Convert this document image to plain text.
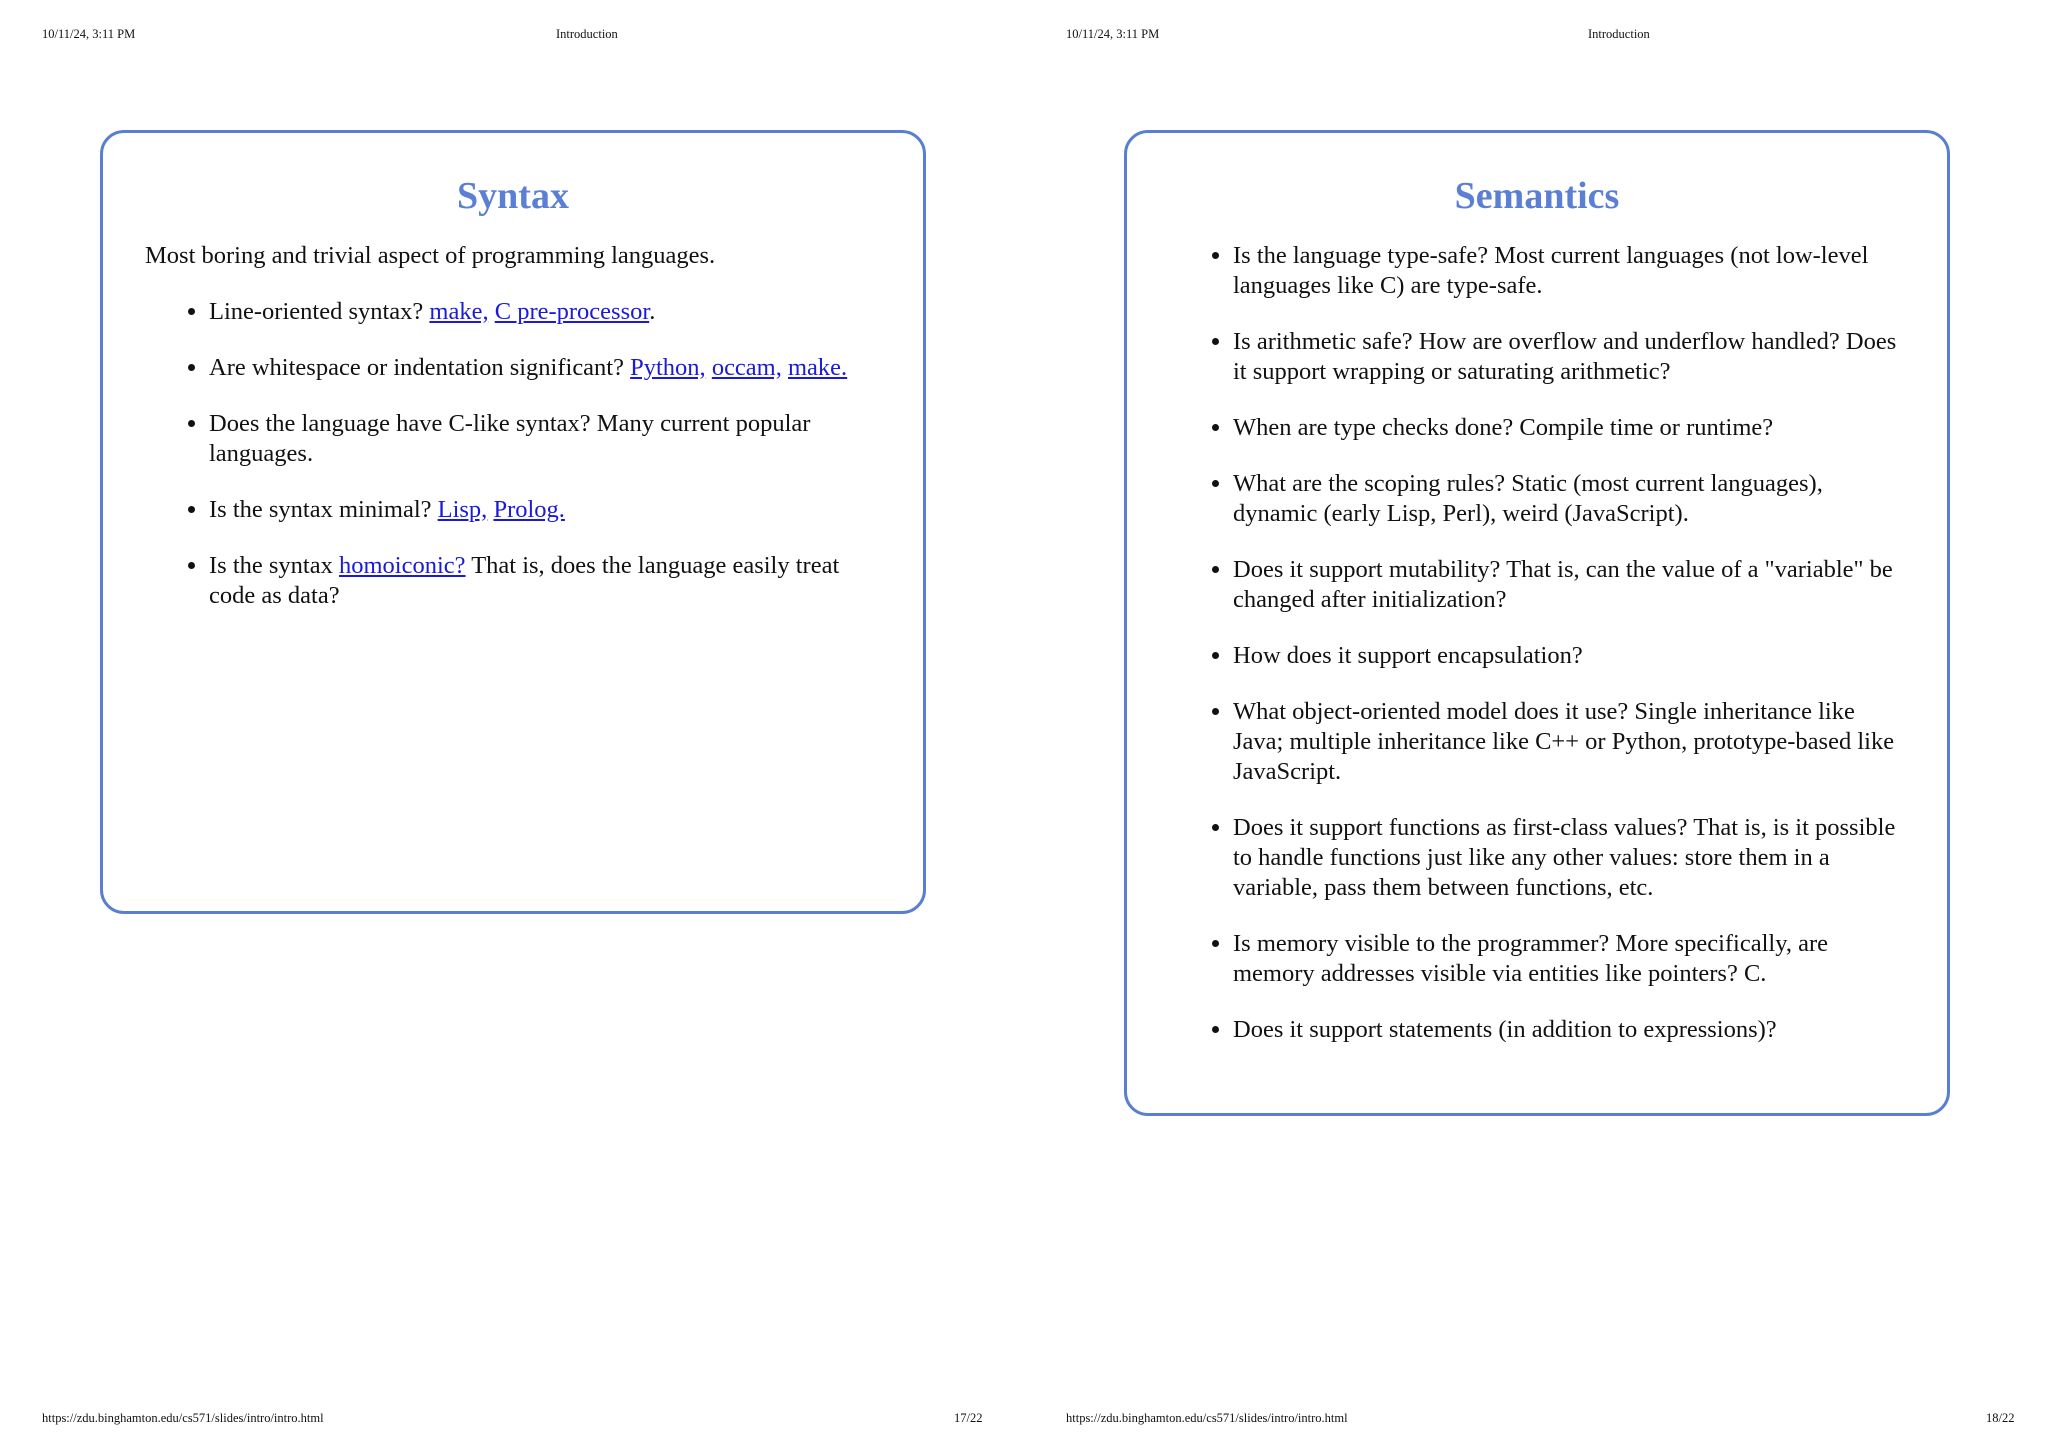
10/11/24, 3:11 PM	Introduction
Syntax

Most boring and trivial aspect of programming languages.

• Line-oriented syntax? make, C pre-processor.
• Are whitespace or indentation significant? Python, occam, make.
• Does the language have C-like syntax? Many current popular languages.
• Is the syntax minimal? Lisp, Prolog.
• Is the syntax homoiconic? That is, does the language easily treat code as data?
https://zdu.binghamton.edu/cs571/slides/intro/intro.html	17/22
10/11/24, 3:11 PM	Introduction
Semantics
• Is the language type-safe? Most current languages (not low-level languages like C) are type-safe.
• Is arithmetic safe? How are overflow and underflow handled? Does it support wrapping or saturating arithmetic?
• When are type checks done? Compile time or runtime?
• What are the scoping rules? Static (most current languages), dynamic (early Lisp, Perl), weird (JavaScript).
• Does it support mutability? That is, can the value of a "variable" be changed after initialization?
• How does it support encapsulation?
• What object-oriented model does it use? Single inheritance like Java; multiple inheritance like C++ or Python, prototype-based like JavaScript.
• Does it support functions as first-class values? That is, is it possible to handle functions just like any other values: store them in a variable, pass them between functions, etc.
• Is memory visible to the programmer? More specifically, are memory addresses visible via entities like pointers? C.
• Does it support statements (in addition to expressions)?
https://zdu.binghamton.edu/cs571/slides/intro/intro.html	18/22
